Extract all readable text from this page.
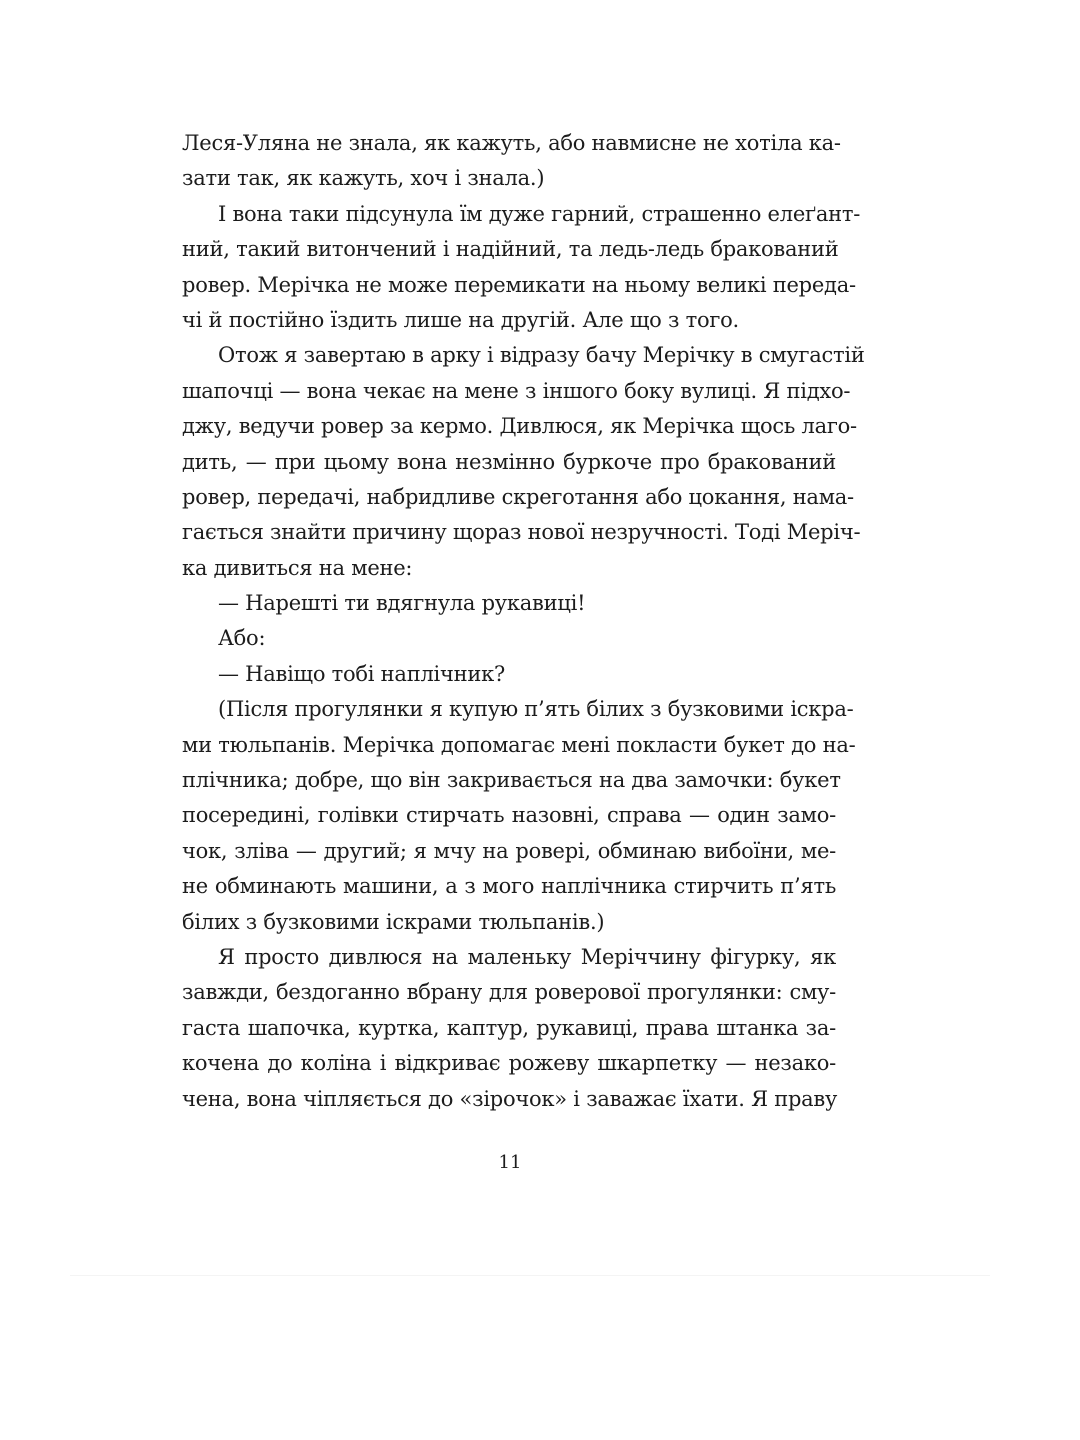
Леся-Уляна не знала, як кажуть, або навмисне не хотіла ка-
зати так, як кажуть, хоч і знала.)
І вона таки підсунула їм дуже гарний, страшенно елеґант-
ний, такий витончений і надійний, та ледь-ледь бракований
ровер. Мерічка не може перемикати на ньому великі переда-
чі й постійно їздить лише на другій. Але що з того.
Отож я завертаю в арку і відразу бачу Мерічку в смугастій
шапочці — вона чекає на мене з іншого боку вулиці. Я підхо-
джу, ведучи ровер за кермо. Дивлюся, як Мерічка щось лаго-
дить, — при цьому вона незмінно буркоче про бракований
ровер, передачі, набридливе скреготання або цокання, нама-
гається знайти причину щораз нової незручності. Тоді Меріч-
ка дивиться на мене:
— Нарешті ти вдягнула рукавиці!
Або:
— Навіщо тобі наплічник?
(Після прогулянки я купую п’ять білих з бузковими іскра-
ми тюльпанів. Мерічка допомагає мені покласти букет до на-
плічника; добре, що він закривається на два замочки: букет
посередині, голівки стирчать назовні, справа — один замо-
чок, зліва — другий; я мчу на ровері, обминаю вибоїни, ме-
не обминають машини, а з мого наплічника стирчить п’ять
білих з бузковими іскрами тюльпанів.)
Я просто дивлюся на маленьку Мерiччину фігурку, як
завжди, бездоганно вбрану для роверової прогулянки: сму-
гаста шапочка, куртка, каптур, рукавиці, права штанка за-
кочена до коліна і відкриває рожеву шкарпетку — незако-
чена, вона чіпляється до «зірочок» і заважає їхати. Я праву
11
